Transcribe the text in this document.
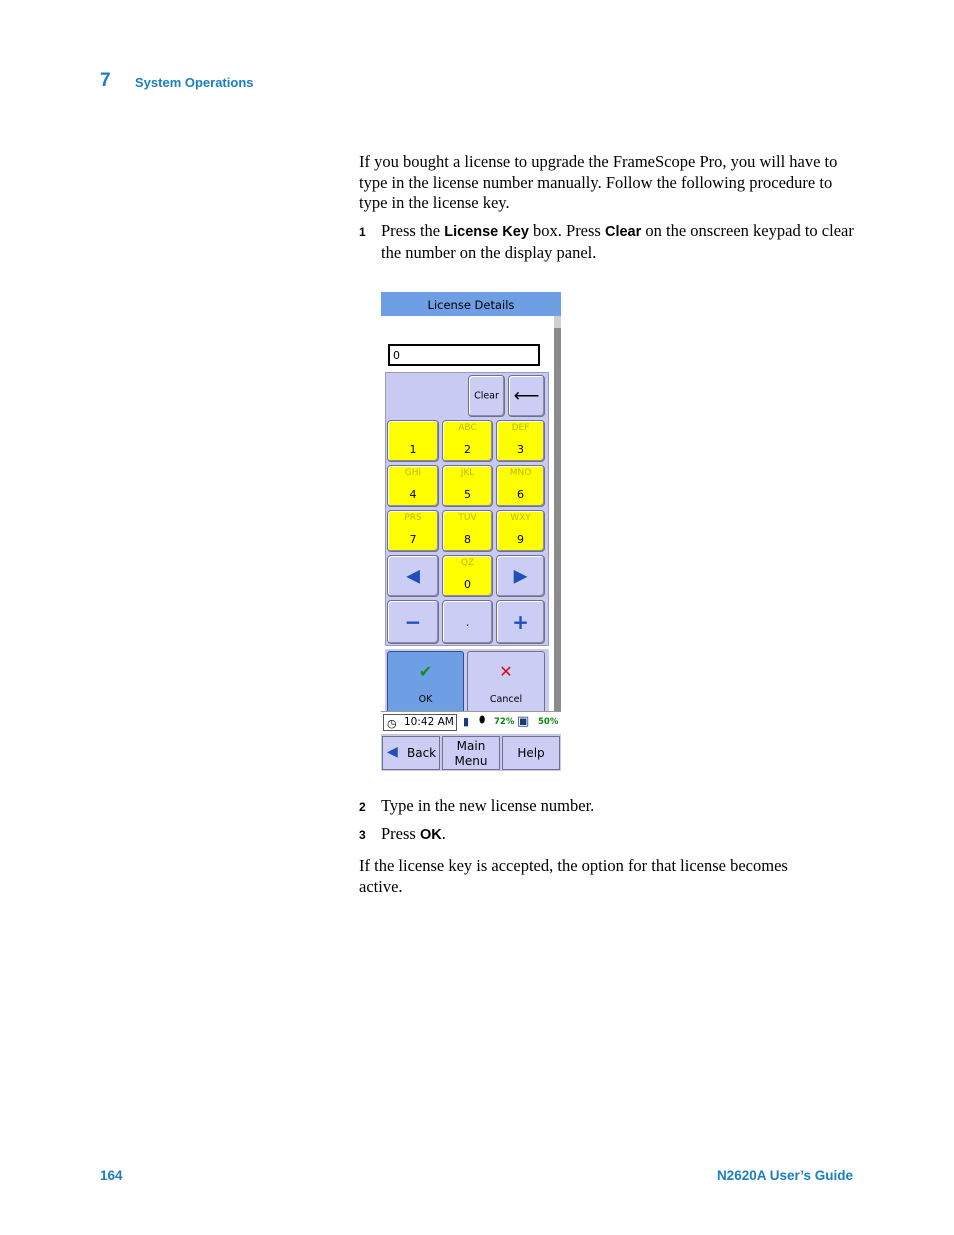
7 System Operations
If you bought a license to upgrade the FrameScope Pro, you will have to type in the license number manually. Follow the following procedure to type in the license key.
1 Press the License Key box. Press Clear on the onscreen keypad to clear the number on the display panel.
License Details
0
Clear ⟵
1
ABC
2
DEF
3
GHI
4
JKL
5
MNO
6
PRS
7
TUV
8
WXY
9
◀
QZ
0	▶
−	.	+
✔
OK
✕
Cancel
◷ 10:42 AM ▮ ⬮ 72% ▣ 50%
◀ Back	Main
Menu
Help
2 Type in the new license number.
3 Press OK.
If the license key is accepted, the option for that license becomes active.
164	N2620A User’s Guide
